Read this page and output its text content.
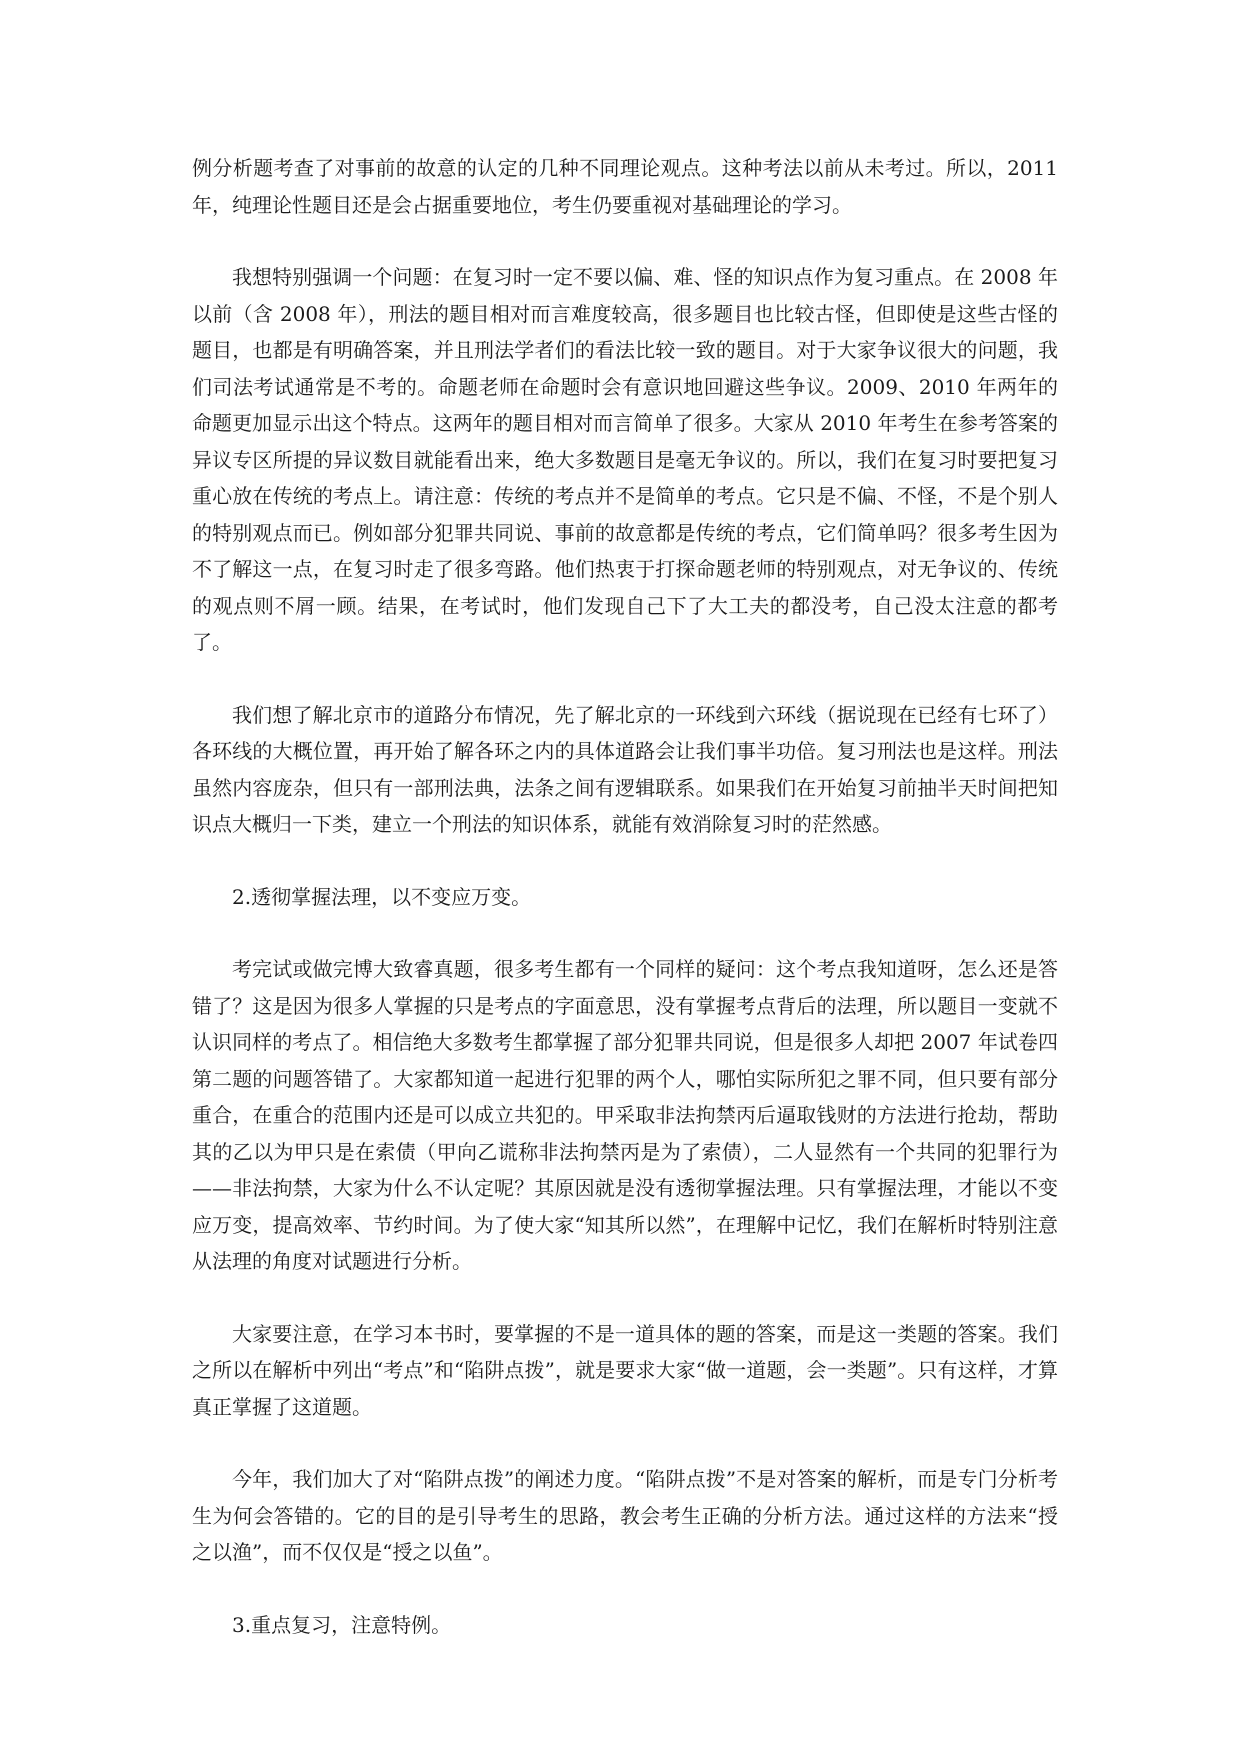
例分析题考查了对事前的故意的认定的几种不同理论观点。这种考法以前从未考过。所以，2011 年，纯理论性题目还是会占据重要地位，考生仍要重视对基础理论的学习。

我想特别强调一个问题：在复习时一定不要以偏、难、怪的知识点作为复习重点。在 2008 年以前（含 2008 年），刑法的题目相对而言难度较高，很多题目也比较古怪，但即使是这些古怪的题目，也都是有明确答案，并且刑法学者们的看法比较一致的题目。对于大家争议很大的问题，我们司法考试通常是不考的。命题老师在命题时会有意识地回避这些争议。2009、2010 年两年的命题更加显示出这个特点。这两年的题目相对而言简单了很多。大家从 2010 年考生在参考答案的异议专区所提的异议数目就能看出来，绝大多数题目是毫无争议的。所以，我们在复习时要把复习重心放在传统的考点上。请注意：传统的考点并不是简单的考点。它只是不偏、不怪，不是个别人的特别观点而已。例如部分犯罪共同说、事前的故意都是传统的考点，它们简单吗？很多考生因为不了解这一点，在复习时走了很多弯路。他们热衷于打探命题老师的特别观点，对无争议的、传统的观点则不屑一顾。结果，在考试时，他们发现自己下了大工夫的都没考，自己没太注意的都考了。

我们想了解北京市的道路分布情况，先了解北京的一环线到六环线（据说现在已经有七环了）各环线的大概位置，再开始了解各环之内的具体道路会让我们事半功倍。复习刑法也是这样。刑法虽然内容庞杂，但只有一部刑法典，法条之间有逻辑联系。如果我们在开始复习前抽半天时间把知识点大概归一下类，建立一个刑法的知识体系，就能有效消除复习时的茫然感。

2.透彻掌握法理，以不变应万变。

考完试或做完博大致睿真题，很多考生都有一个同样的疑问：这个考点我知道呀，怎么还是答错了？这是因为很多人掌握的只是考点的字面意思，没有掌握考点背后的法理，所以题目一变就不认识同样的考点了。相信绝大多数考生都掌握了部分犯罪共同说，但是很多人却把 2007 年试卷四第二题的问题答错了。大家都知道一起进行犯罪的两个人，哪怕实际所犯之罪不同，但只要有部分重合，在重合的范围内还是可以成立共犯的。甲采取非法拘禁丙后逼取钱财的方法进行抢劫，帮助其的乙以为甲只是在索债（甲向乙谎称非法拘禁丙是为了索债），二人显然有一个共同的犯罪行为——非法拘禁，大家为什么不认定呢？其原因就是没有透彻掌握法理。只有掌握法理，才能以不变应万变，提高效率、节约时间。为了使大家“知其所以然”，在理解中记忆，我们在解析时特别注意从法理的角度对试题进行分析。

大家要注意，在学习本书时，要掌握的不是一道具体的题的答案，而是这一类题的答案。我们之所以在解析中列出“考点”和“陷阱点拨”，就是要求大家“做一道题，会一类题”。只有这样，才算真正掌握了这道题。

今年，我们加大了对“陷阱点拨”的阐述力度。“陷阱点拨”不是对答案的解析，而是专门分析考生为何会答错的。它的目的是引导考生的思路，教会考生正确的分析方法。通过这样的方法来“授之以渔”，而不仅仅是“授之以鱼”。

3.重点复习，注意特例。
